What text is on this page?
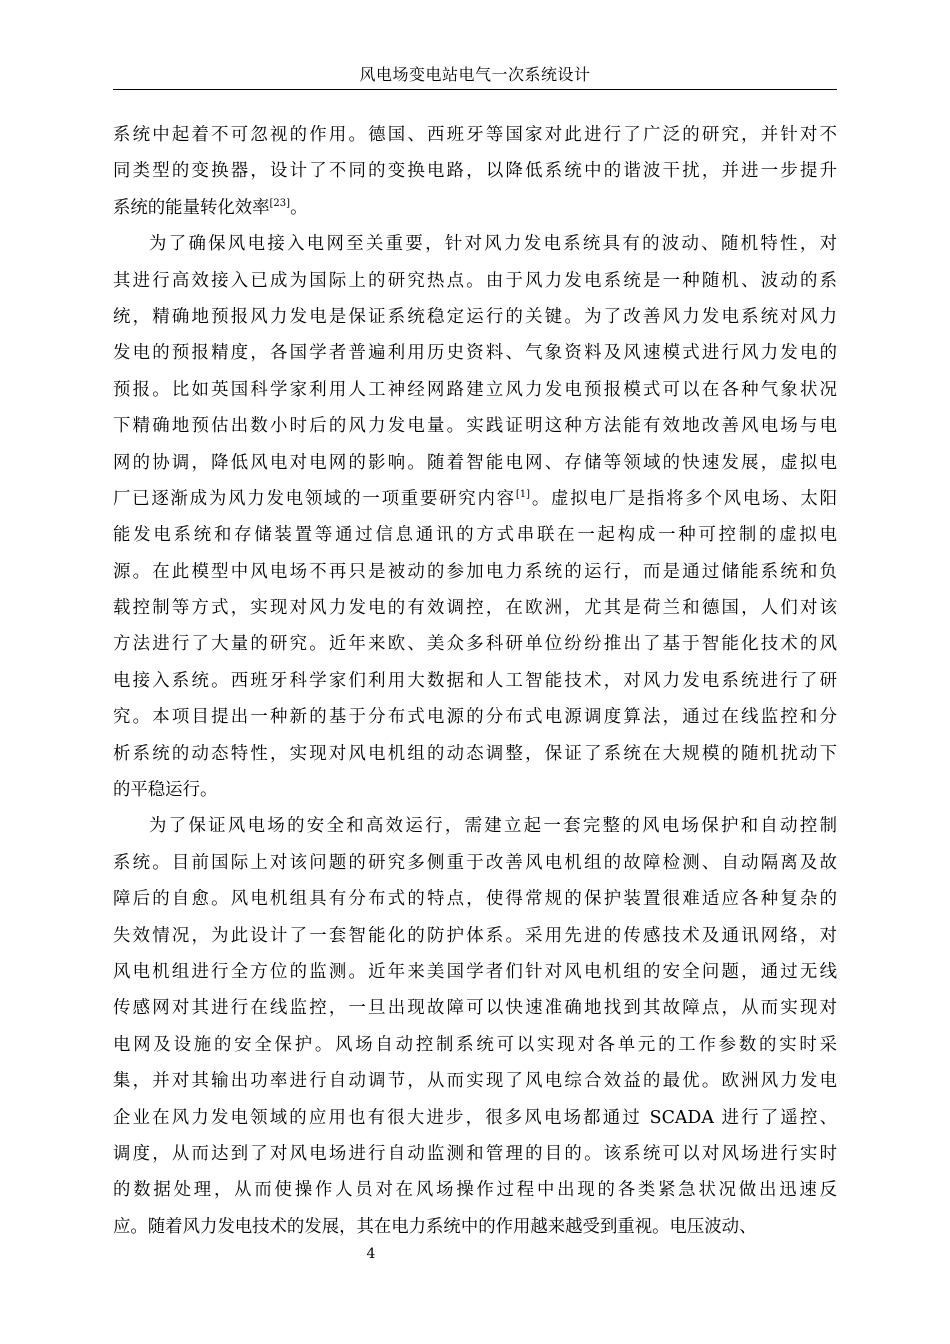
风电场变电站电气一次系统设计
系统中起着不可忽视的作用。德国、西班牙等国家对此进行了广泛的研究，并针对不
同类型的变换器，设计了不同的变换电路，以降低系统中的谐波干扰，并进一步提升
系统的能量转化效率[23]。
为了确保风电接入电网至关重要，针对风力发电系统具有的波动、随机特性，对
其进行高效接入已成为国际上的研究热点。由于风力发电系统是一种随机、波动的系
统，精确地预报风力发电是保证系统稳定运行的关键。为了改善风力发电系统对风力
发电的预报精度，各国学者普遍利用历史资料、气象资料及风速模式进行风力发电的
预报。比如英国科学家利用人工神经网路建立风力发电预报模式可以在各种气象状况
下精确地预估出数小时后的风力发电量。实践证明这种方法能有效地改善风电场与电
网的协调，降低风电对电网的影响。随着智能电网、存储等领域的快速发展，虚拟电
厂已逐渐成为风力发电领域的一项重要研究内容[1]。虚拟电厂是指将多个风电场、太阳
能发电系统和存储装置等通过信息通讯的方式串联在一起构成一种可控制的虚拟电
源。在此模型中风电场不再只是被动的参加电力系统的运行，而是通过储能系统和负
载控制等方式，实现对风力发电的有效调控，在欧洲，尤其是荷兰和德国，人们对该
方法进行了大量的研究。近年来欧、美众多科研单位纷纷推出了基于智能化技术的风
电接入系统。西班牙科学家们利用大数据和人工智能技术，对风力发电系统进行了研
究。本项目提出一种新的基于分布式电源的分布式电源调度算法，通过在线监控和分
析系统的动态特性，实现对风电机组的动态调整，保证了系统在大规模的随机扰动下
的平稳运行。
为了保证风电场的安全和高效运行，需建立起一套完整的风电场保护和自动控制
系统。目前国际上对该问题的研究多侧重于改善风电机组的故障检测、自动隔离及故
障后的自愈。风电机组具有分布式的特点，使得常规的保护装置很难适应各种复杂的
失效情况，为此设计了一套智能化的防护体系。采用先进的传感技术及通讯网络，对
风电机组进行全方位的监测。近年来美国学者们针对风电机组的安全问题，通过无线
传感网对其进行在线监控，一旦出现故障可以快速准确地找到其故障点，从而实现对
电网及设施的安全保护。风场自动控制系统可以实现对各单元的工作参数的实时采
集，并对其输出功率进行自动调节，从而实现了风电综合效益的最优。欧洲风力发电
企业在风力发电领域的应用也有很大进步，很多风电场都通过 SCADA 进行了遥控、
调度，从而达到了对风电场进行自动监测和管理的目的。该系统可以对风场进行实时
的数据处理，从而使操作人员对在风场操作过程中出现的各类紧急状况做出迅速反
应。随着风力发电技术的发展，其在电力系统中的作用越来越受到重视。电压波动、
4
